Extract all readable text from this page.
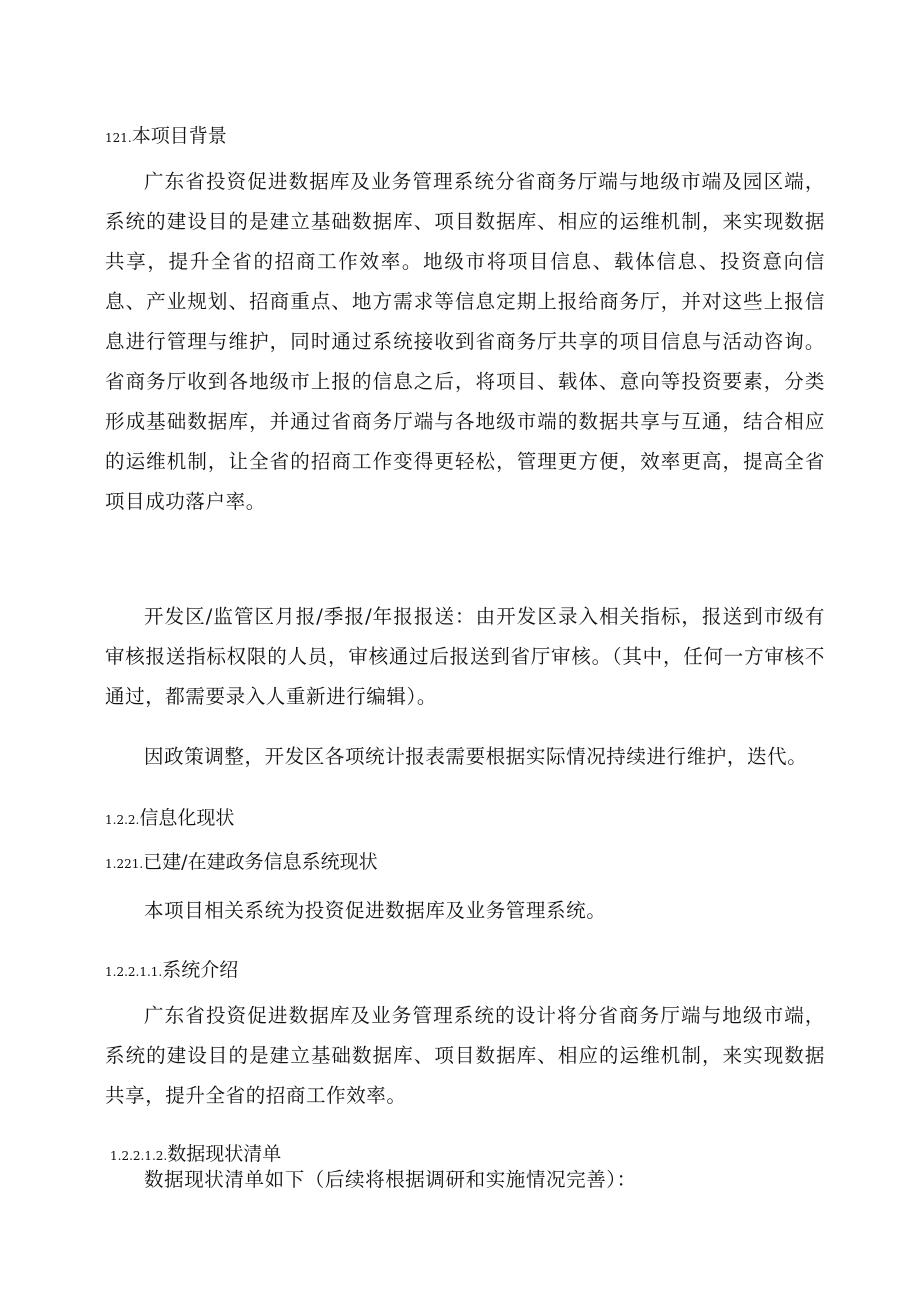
121.本项目背景

广东省投资促进数据库及业务管理系统分省商务厅端与地级市端及园区端，系统的建设目的是建立基础数据库、项目数据库、相应的运维机制，来实现数据共享，提升全省的招商工作效率。地级市将项目信息、载体信息、投资意向信息、产业规划、招商重点、地方需求等信息定期上报给商务厅，并对这些上报信息进行管理与维护，同时通过系统接收到省商务厅共享的项目信息与活动咨询。省商务厅收到各地级市上报的信息之后，将项目、载体、意向等投资要素，分类形成基础数据库，并通过省商务厅端与各地级市端的数据共享与互通，结合相应的运维机制，让全省的招商工作变得更轻松，管理更方便，效率更高，提高全省项目成功落户率。

开发区/监管区月报/季报/年报报送：由开发区录入相关指标，报送到市级有审核报送指标权限的人员，审核通过后报送到省厅审核。（其中，任何一方审核不通过，都需要录入人重新进行编辑）。

因政策调整，开发区各项统计报表需要根据实际情况持续进行维护，迭代。

1.2.2.信息化现状
1.221.已建/在建政务信息系统现状

本项目相关系统为投资促进数据库及业务管理系统。

1.2.2.1.1.系统介绍

广东省投资促进数据库及业务管理系统的设计将分省商务厅端与地级市端，系统的建设目的是建立基础数据库、项目数据库、相应的运维机制，来实现数据共享，提升全省的招商工作效率。

1.2.2.1.2.数据现状清单

数据现状清单如下（后续将根据调研和实施情况完善）：
